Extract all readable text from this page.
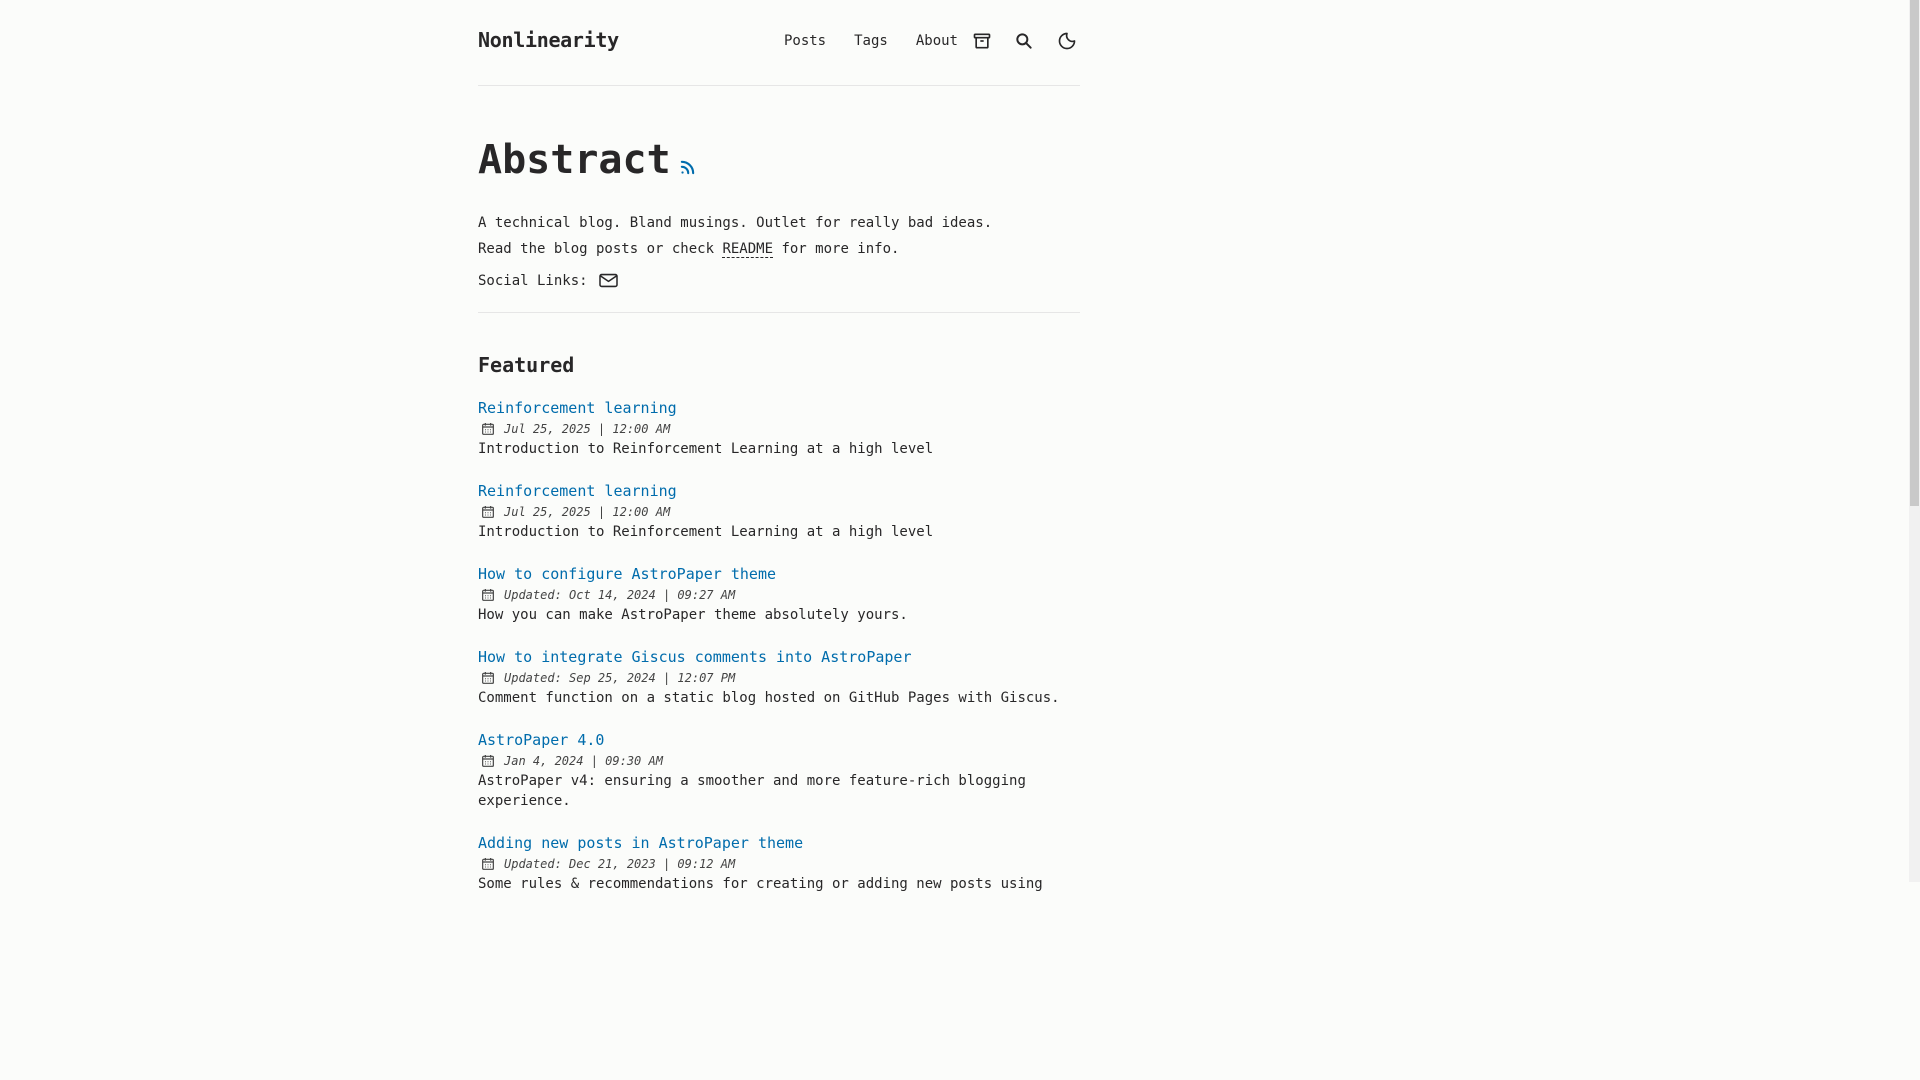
Nonlinearity	Posts Tags About
Abstract

A technical blog. Bland musings. Outlet for really bad ideas.

Read the blog posts or check README for more info.

Social Links:
Featured
Reinforcement learning
Jul 25, 2025 | 12:00 AM

Introduction to Reinforcement Learning at a high level

Reinforcement learning
Jul 25, 2025 | 12:00 AM

Introduction to Reinforcement Learning at a high level

How to configure AstroPaper theme
Updated: Oct 14, 2024 | 09:27 AM

How you can make AstroPaper theme absolutely yours.

How to integrate Giscus comments into AstroPaper
Updated: Sep 25, 2024 | 12:07 PM

Comment function on a static blog hosted on GitHub Pages with Giscus.

AstroPaper 4.0
Jan 4, 2024 | 09:30 AM

AstroPaper v4: ensuring a smoother and more feature-rich blogging experience.

Adding new posts in AstroPaper theme
Updated: Dec 21, 2023 | 09:12 AM

Some rules & recommendations for creating or adding new posts using
